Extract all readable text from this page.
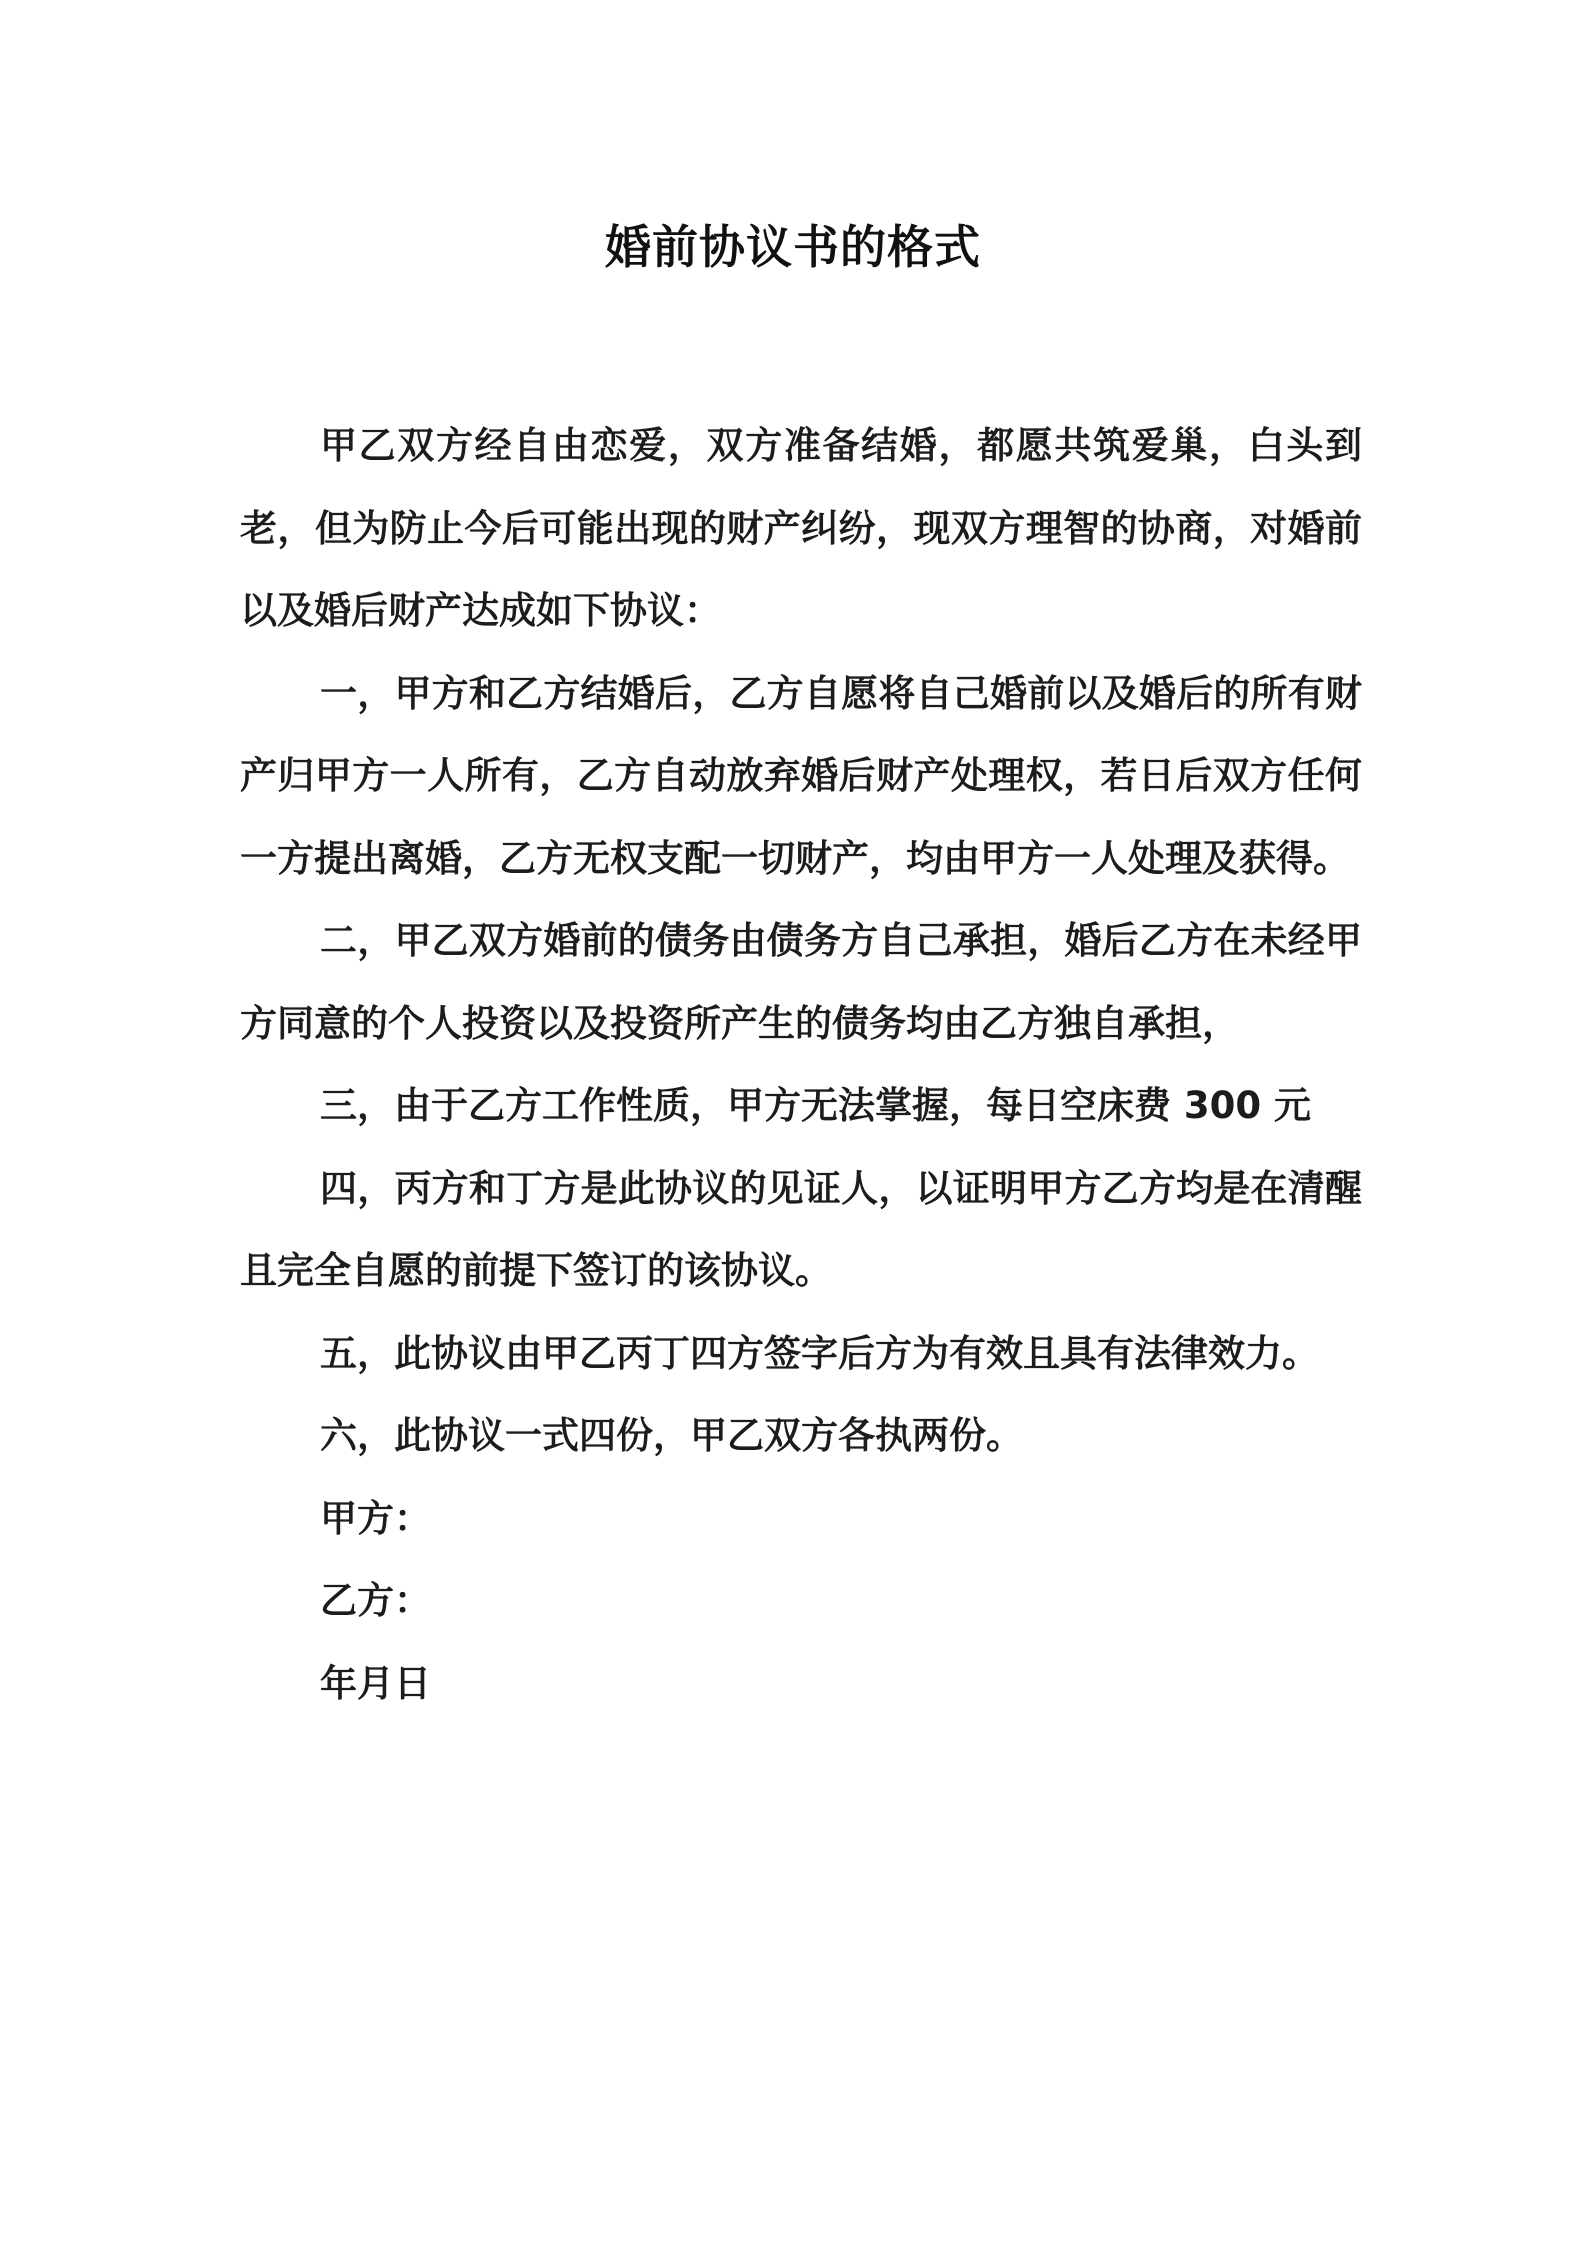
婚前协议书的格式

甲乙双方经自由恋爱，双方准备结婚，都愿共筑爱巢，白头到老，但为防止今后可能出现的财产纠纷，现双方理智的协商，对婚前以及婚后财产达成如下协议：

一，甲方和乙方结婚后，乙方自愿将自己婚前以及婚后的所有财产归甲方一人所有，乙方自动放弃婚后财产处理权，若日后双方任何一方提出离婚，乙方无权支配一切财产，均由甲方一人处理及获得。

二，甲乙双方婚前的债务由债务方自己承担，婚后乙方在未经甲方同意的个人投资以及投资所产生的债务均由乙方独自承担，

三，由于乙方工作性质，甲方无法掌握，每日空床费 300 元

四，丙方和丁方是此协议的见证人，以证明甲方乙方均是在清醒且完全自愿的前提下签订的该协议。

五，此协议由甲乙丙丁四方签字后方为有效且具有法律效力。

六，此协议一式四份，甲乙双方各执两份。

甲方：

乙方：

年月日
